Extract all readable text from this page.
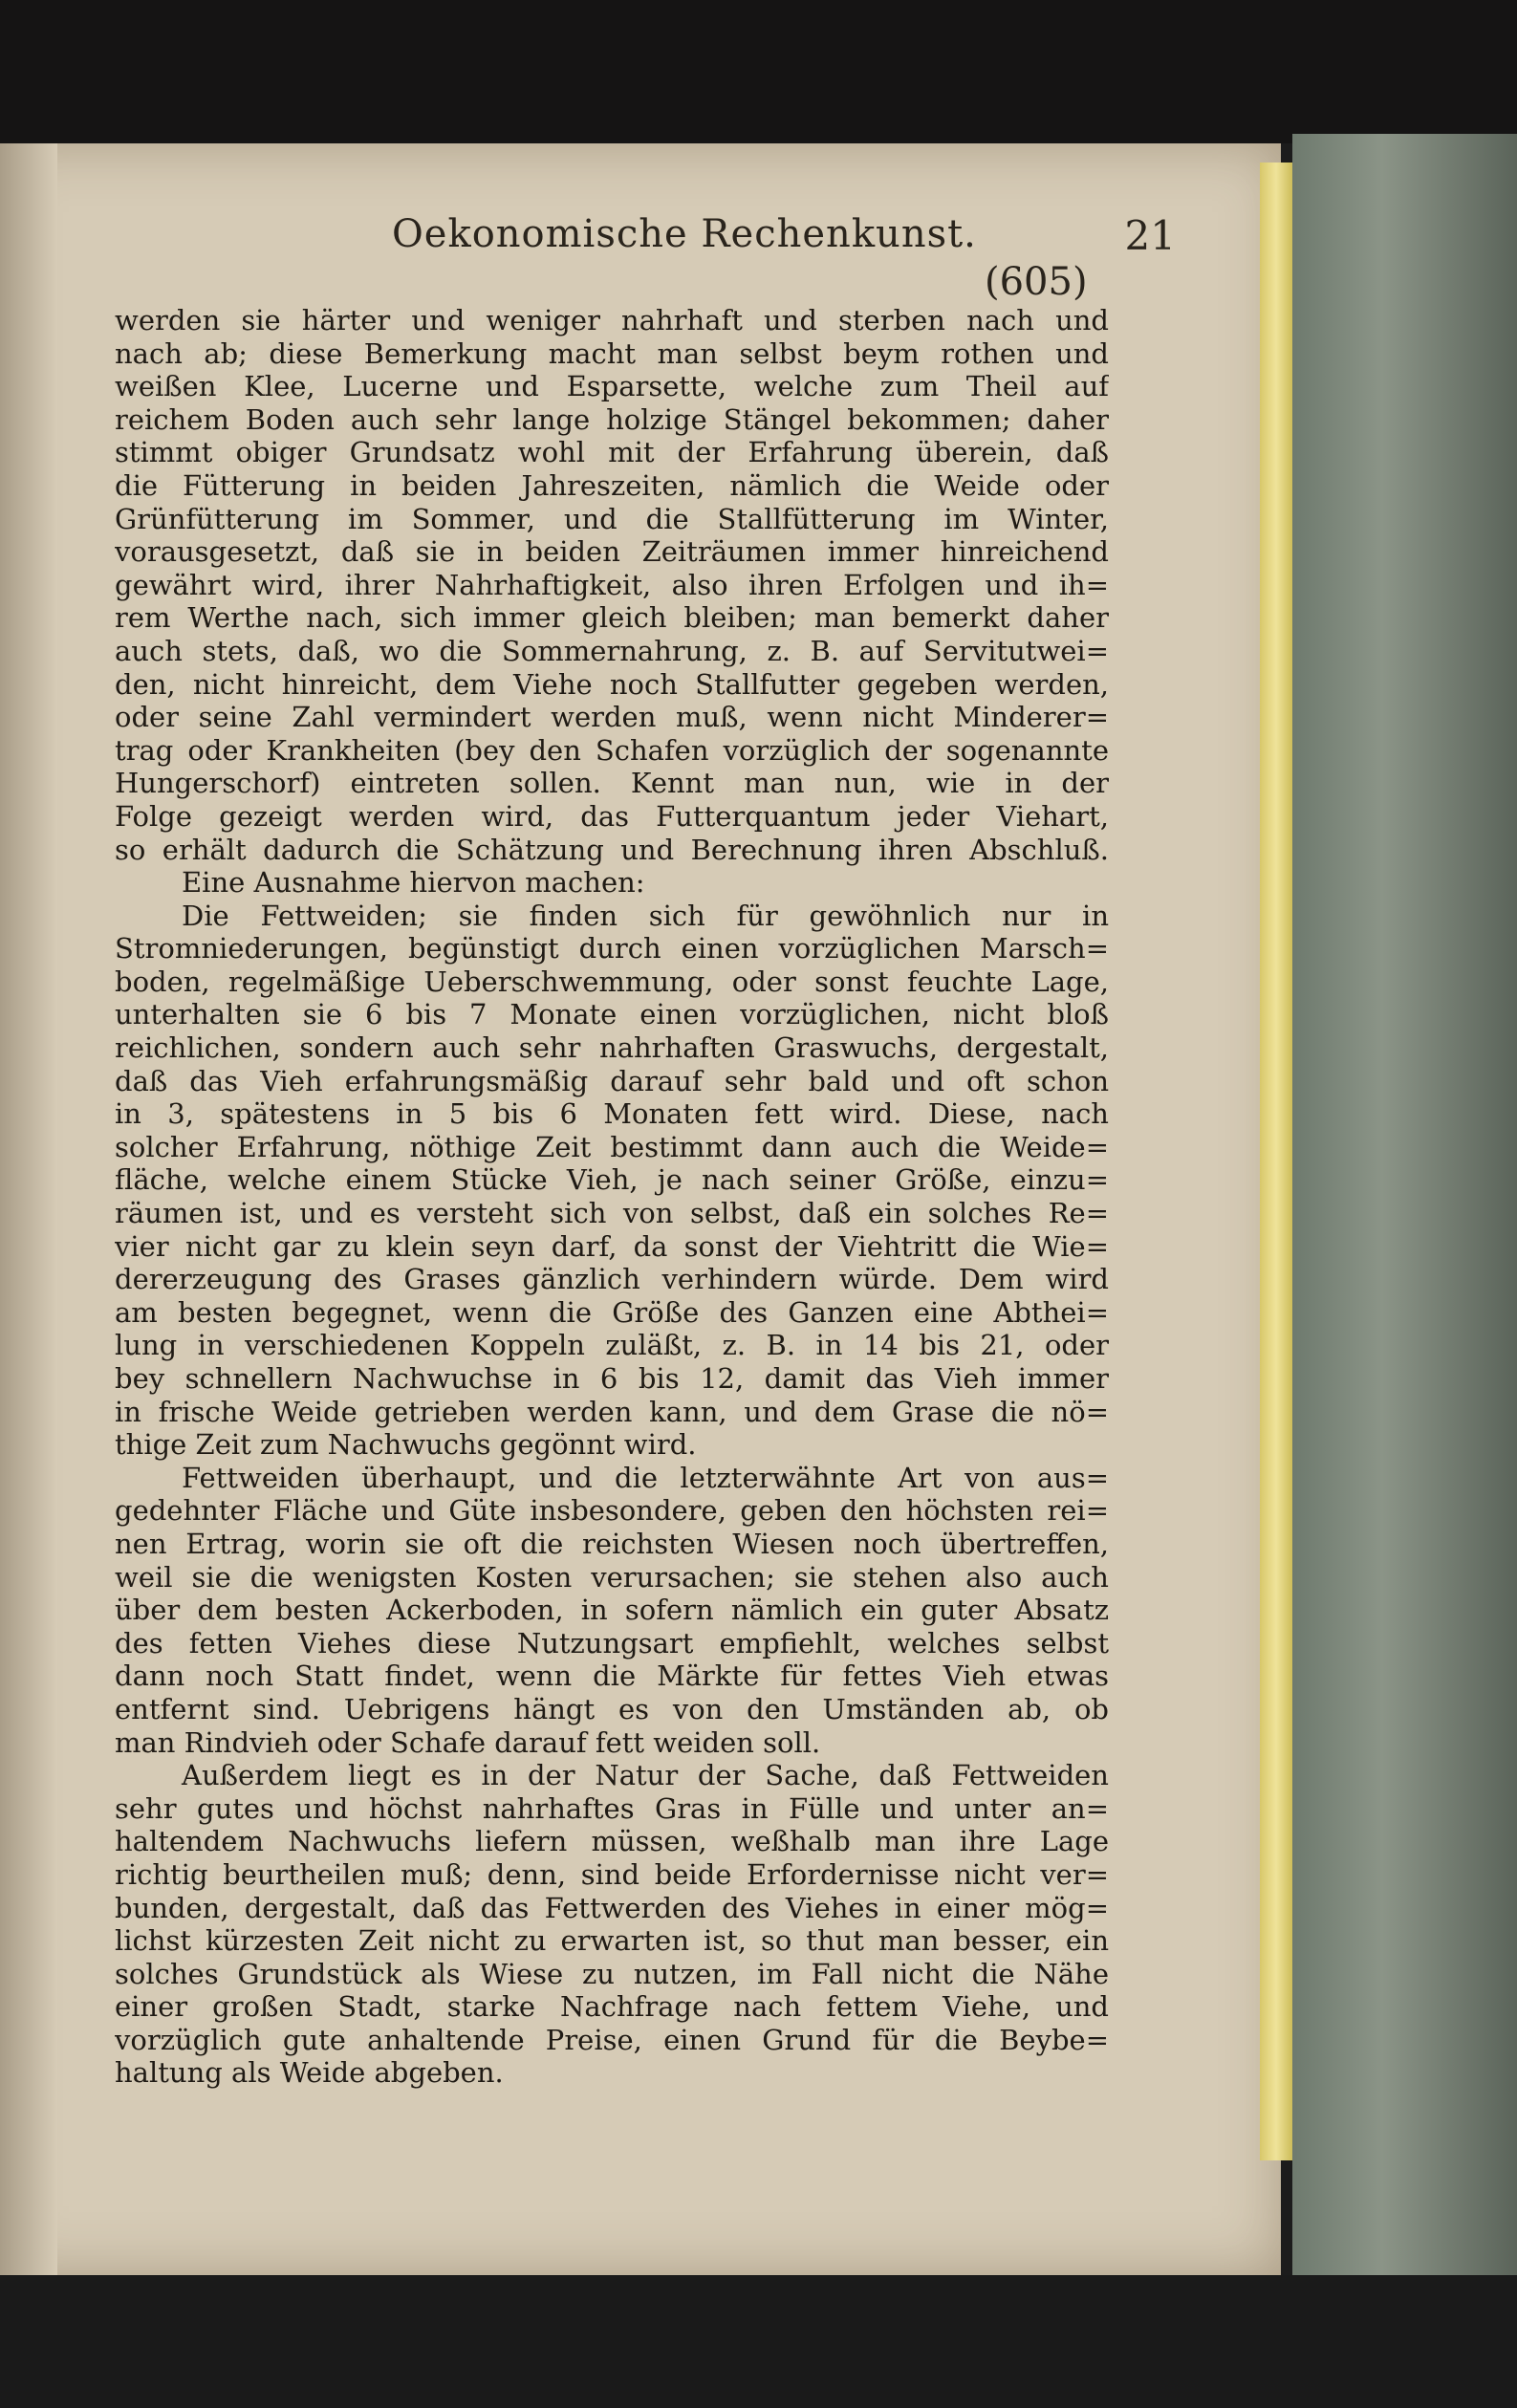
Oekonomische Rechenkunst.	21
(605)
werden sie härter und weniger nahrhaft und sterben nach und
nach ab; diese Bemerkung macht man selbst beym rothen und
weißen Klee, Lucerne und Esparsette, welche zum Theil auf
reichem Boden auch sehr lange holzige Stängel bekommen; daher
stimmt obiger Grundsatz wohl mit der Erfahrung überein, daß
die Fütterung in beiden Jahreszeiten, nämlich die Weide oder
Grünfütterung im Sommer, und die Stallfütterung im Winter,
vorausgesetzt, daß sie in beiden Zeiträumen immer hinreichend
gewährt wird, ihrer Nahrhaftigkeit, also ihren Erfolgen und ih=
rem Werthe nach, sich immer gleich bleiben; man bemerkt daher
auch stets, daß, wo die Sommernahrung, z. B. auf Servitutwei=
den, nicht hinreicht, dem Viehe noch Stallfutter gegeben werden,
oder seine Zahl vermindert werden muß, wenn nicht Minderer=
trag oder Krankheiten (bey den Schafen vorzüglich der sogenannte
Hungerschorf) eintreten sollen. Kennt man nun, wie in der
Folge gezeigt werden wird, das Futterquantum jeder Viehart,
so erhält dadurch die Schätzung und Berechnung ihren Abschluß.
Eine Ausnahme hiervon machen:
Die Fettweiden; sie finden sich für gewöhnlich nur in
Stromniederungen, begünstigt durch einen vorzüglichen Marsch=
boden, regelmäßige Ueberschwemmung, oder sonst feuchte Lage,
unterhalten sie 6 bis 7 Monate einen vorzüglichen, nicht bloß
reichlichen, sondern auch sehr nahrhaften Graswuchs, dergestalt,
daß das Vieh erfahrungsmäßig darauf sehr bald und oft schon
in 3, spätestens in 5 bis 6 Monaten fett wird. Diese, nach
solcher Erfahrung, nöthige Zeit bestimmt dann auch die Weide=
fläche, welche einem Stücke Vieh, je nach seiner Größe, einzu=
räumen ist, und es versteht sich von selbst, daß ein solches Re=
vier nicht gar zu klein seyn darf, da sonst der Viehtritt die Wie=
dererzeugung des Grases gänzlich verhindern würde. Dem wird
am besten begegnet, wenn die Größe des Ganzen eine Abthei=
lung in verschiedenen Koppeln zuläßt, z. B. in 14 bis 21, oder
bey schnellern Nachwuchse in 6 bis 12, damit das Vieh immer
in frische Weide getrieben werden kann, und dem Grase die nö=
thige Zeit zum Nachwuchs gegönnt wird.
Fettweiden überhaupt, und die letzterwähnte Art von aus=
gedehnter Fläche und Güte insbesondere, geben den höchsten rei=
nen Ertrag, worin sie oft die reichsten Wiesen noch übertreffen,
weil sie die wenigsten Kosten verursachen; sie stehen also auch
über dem besten Ackerboden, in sofern nämlich ein guter Absatz
des fetten Viehes diese Nutzungsart empfiehlt, welches selbst
dann noch Statt findet, wenn die Märkte für fettes Vieh etwas
entfernt sind. Uebrigens hängt es von den Umständen ab, ob
man Rindvieh oder Schafe darauf fett weiden soll.
Außerdem liegt es in der Natur der Sache, daß Fettweiden
sehr gutes und höchst nahrhaftes Gras in Fülle und unter an=
haltendem Nachwuchs liefern müssen, weßhalb man ihre Lage
richtig beurtheilen muß; denn, sind beide Erfordernisse nicht ver=
bunden, dergestalt, daß das Fettwerden des Viehes in einer mög=
lichst kürzesten Zeit nicht zu erwarten ist, so thut man besser, ein
solches Grundstück als Wiese zu nutzen, im Fall nicht die Nähe
einer großen Stadt, starke Nachfrage nach fettem Viehe, und
vorzüglich gute anhaltende Preise, einen Grund für die Beybe=
haltung als Weide abgeben.
